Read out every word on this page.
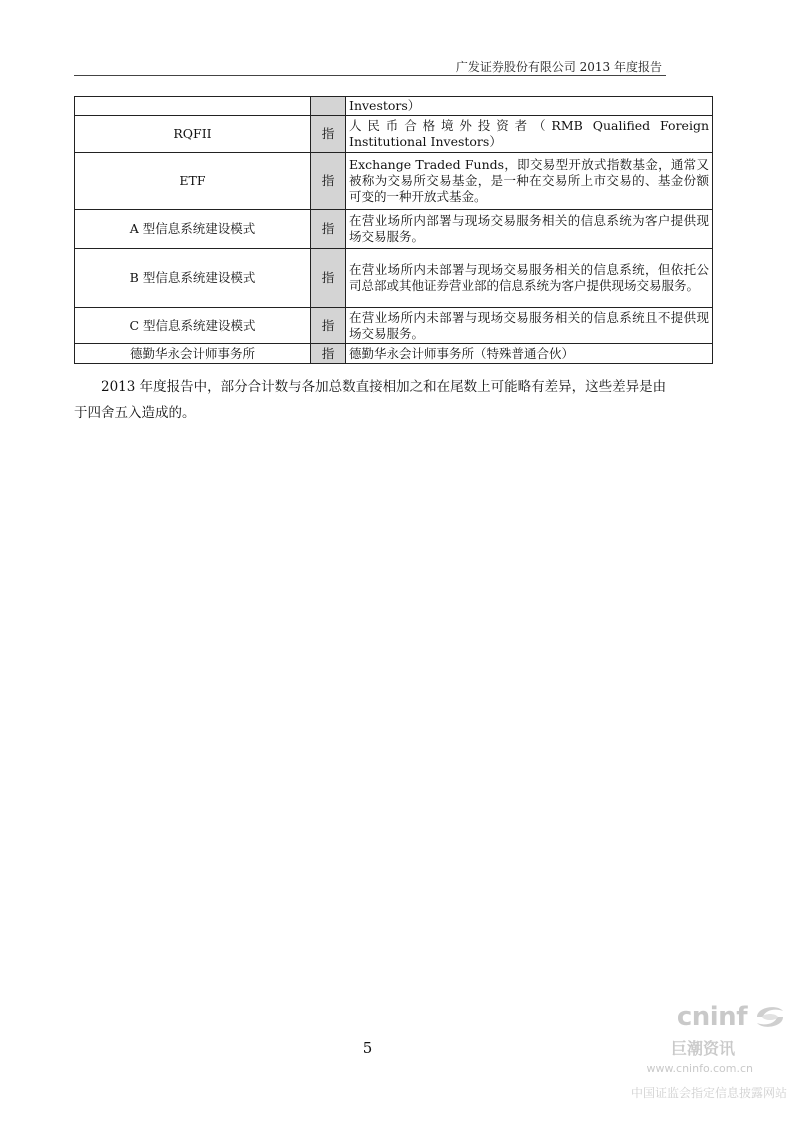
广发证券股份有限公司 2013 年度报告
		Investors）
RQFII	指	人民币合格境外投资者（RMB Qualified Foreign Institutional Investors）
ETF	指	Exchange Traded Funds，即交易型开放式指数基金，通常又被称为交易所交易基金，是一种在交易所上市交易的、基金份额可变的一种开放式基金。
A 型信息系统建设模式	指	在营业场所内部署与现场交易服务相关的信息系统为客户提供现场交易服务。
B 型信息系统建设模式	指	在营业场所内未部署与现场交易服务相关的信息系统，但依托公司总部或其他证券营业部的信息系统为客户提供现场交易服务。
C 型信息系统建设模式	指	在营业场所内未部署与现场交易服务相关的信息系统且不提供现场交易服务。
德勤华永会计师事务所	指	德勤华永会计师事务所（特殊普通合伙）

2013 年度报告中，部分合计数与各加总数直接相加之和在尾数上可能略有差异，这些差异是由于四舍五入造成的。

5
cninf
巨潮资讯
www.cninfo.com.cn
中国证监会指定信息披露网站
